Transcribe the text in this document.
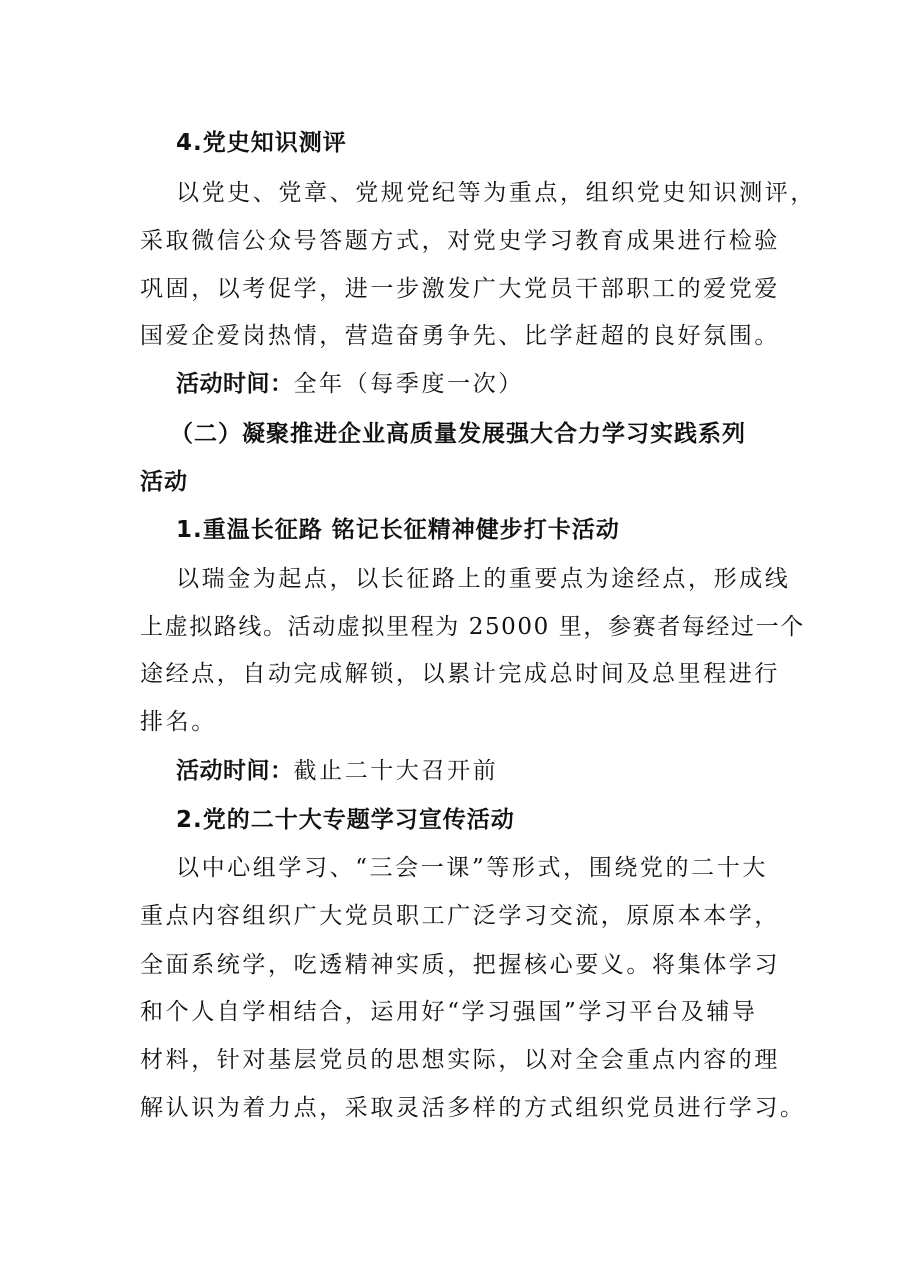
4.党史知识测评
以党史、党章、党规党纪等为重点，组织党史知识测评，
采取微信公众号答题方式，对党史学习教育成果进行检验
巩固，以考促学，进一步激发广大党员干部职工的爱党爱
国爱企爱岗热情，营造奋勇争先、比学赶超的良好氛围。
活动时间：全年（每季度一次）
（二）凝聚推进企业高质量发展强大合力学习实践系列
活动
1.重温长征路 铭记长征精神健步打卡活动
以瑞金为起点，以长征路上的重要点为途经点，形成线
上虚拟路线。活动虚拟里程为 25000 里，参赛者每经过一个
途经点，自动完成解锁，以累计完成总时间及总里程进行
排名。
活动时间：截止二十大召开前
2.党的二十大专题学习宣传活动
以中心组学习、“三会一课”等形式，围绕党的二十大
重点内容组织广大党员职工广泛学习交流，原原本本学，
全面系统学，吃透精神实质，把握核心要义。将集体学习
和个人自学相结合，运用好“学习强国”学习平台及辅导
材料，针对基层党员的思想实际，以对全会重点内容的理
解认识为着力点，采取灵活多样的方式组织党员进行学习。
